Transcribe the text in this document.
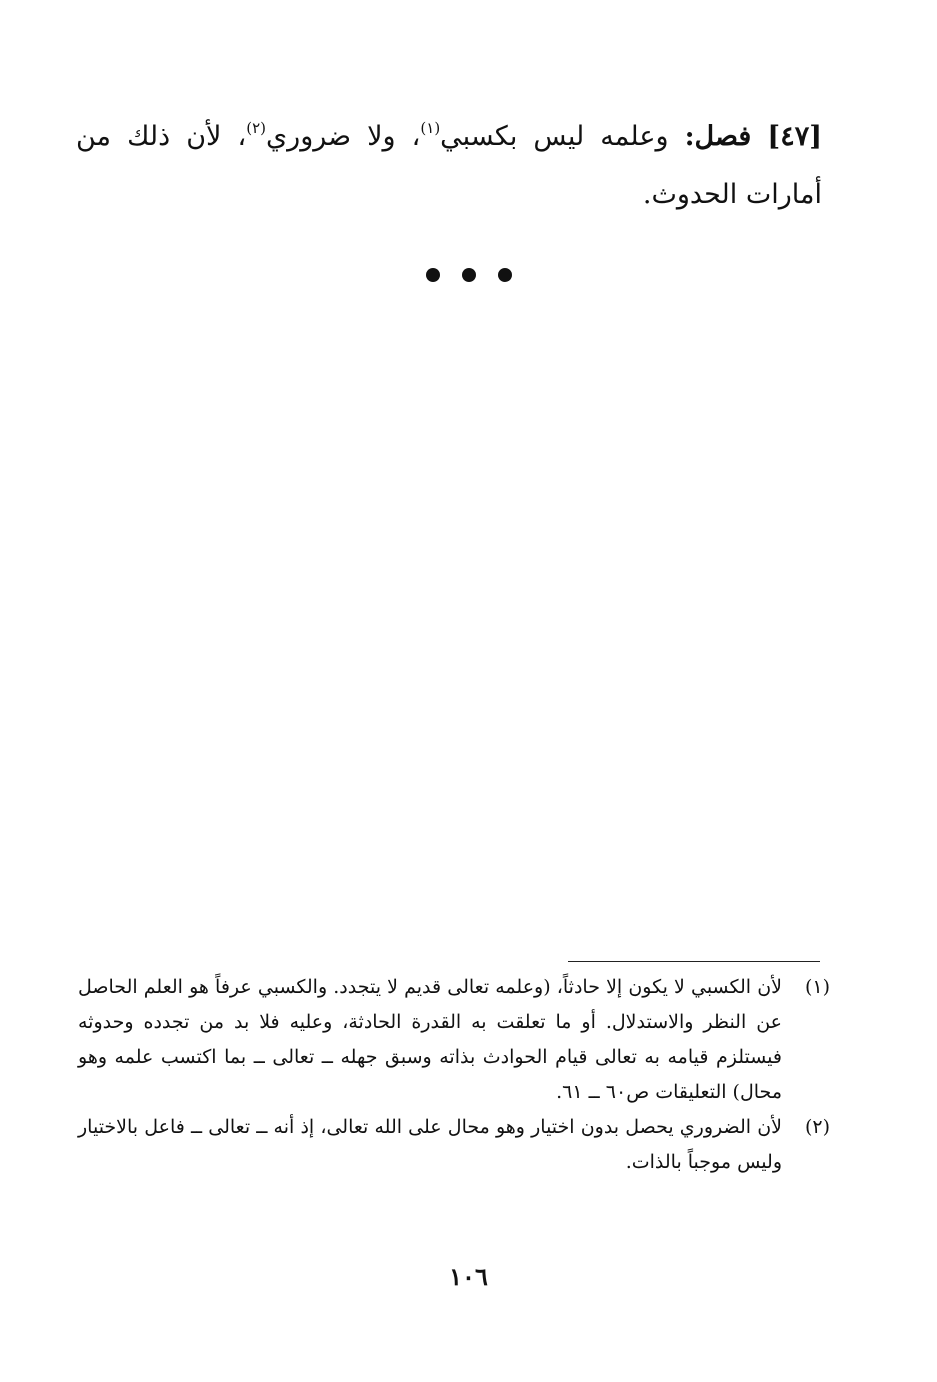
[٤٧] فصل: وعلمه ليس بكسبي$^{(١)}$، ولا ضروري$^{(٢)}$، لأن ذلك من أمارات الحدوث.
(١)
لأن الكسبي لا يكون إلا حادثاً، (وعلمه تعالى قديم لا يتجدد. والكسبي عرفاً هو العلم الحاصل عن النظر والاستدلال. أو ما تعلقت به القدرة الحادثة، وعليه فلا بد من تجدده وحدوثه فيستلزم قيامه به تعالى قيام الحوادث بذاته وسبق جهله ــ تعالى ــ بما اكتسب علمه وهو محال) التعليقات ص٦٠ ــ ٦١.
(٢)
لأن الضروري يحصل بدون اختيار وهو محال على الله تعالى، إذ أنه ــ تعالى ــ فاعل بالاختيار وليس موجباً بالذات.
١٠٦
